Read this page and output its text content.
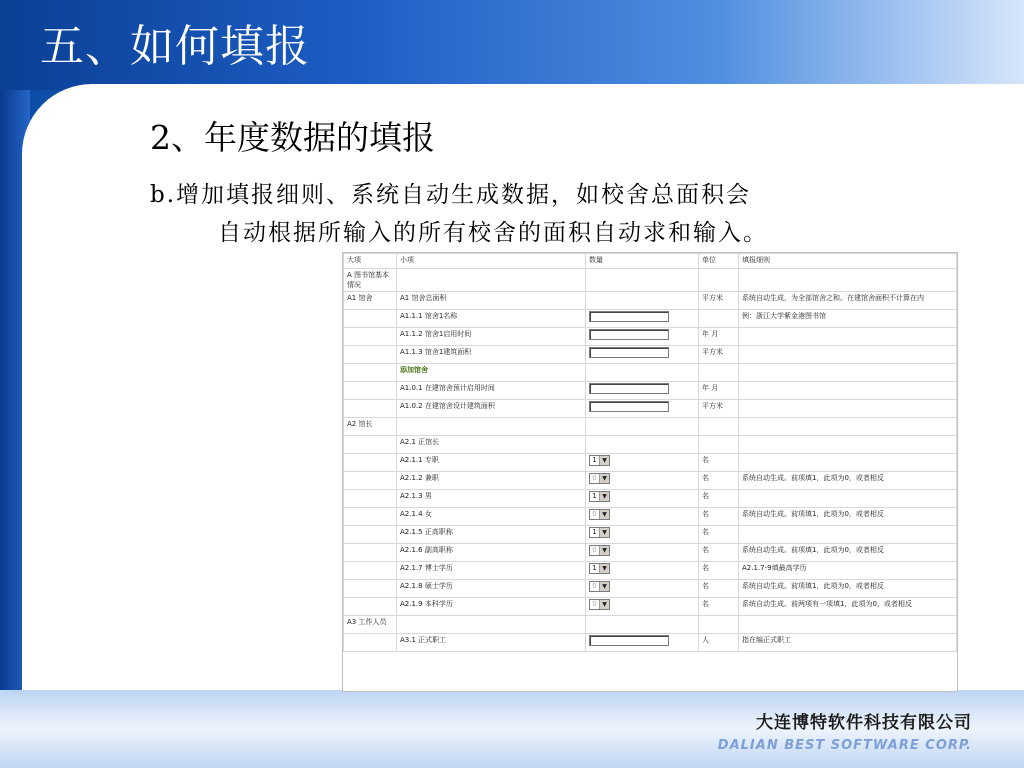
五、如何填报
2、年度数据的填报
b.增加填报细则、系统自动生成数据，如校舍总面积会
自动根据所输入的所有校舍的面积自动求和输入。
大项	小项	数量	单位	填报细则
A 图书馆基本情况				
A1 馆舍	A1 馆舍总面积		平方米	系统自动生成，为全部馆舍之和。在建馆舍面积不计算在内
	A1.1.1 馆舍1名称			例：浙江大学紫金港图书馆
	A1.1.2 馆舍1启用时间		年 月	
	A1.1.3 馆舍1建筑面积		平方米	
	添加馆舍			
	A1.0.1 在建馆舍预计启用时间		年 月	
	A1.0.2 在建馆舍设计建筑面积		平方米	
A2 馆长				
	A2.1 正馆长			
	A2.1.1 专职	1 ▼	名	
	A2.1.2 兼职	0 ▼	名	系统自动生成。前项填1，此项为0，或者相反
	A2.1.3 男	1 ▼	名	
	A2.1.4 女	0 ▼	名	系统自动生成。前项填1，此项为0，或者相反
	A2.1.5 正高职称	1 ▼	名	
	A2.1.6 副高职称	0 ▼	名	系统自动生成。前项填1，此项为0，或者相反
	A2.1.7 博士学历	1 ▼	名	A2.1.7-9填最高学历
	A2.1.8 硕士学历	0 ▼	名	系统自动生成。前项填1，此项为0，或者相反
	A2.1.9 本科学历	0 ▼	名	系统自动生成。前两项有一项填1，此项为0，或者相反
A3 工作人员				
	A3.1 正式职工		人	指在编正式职工
大连博特软件科技有限公司
DALIAN BEST SOFTWARE CORP.
